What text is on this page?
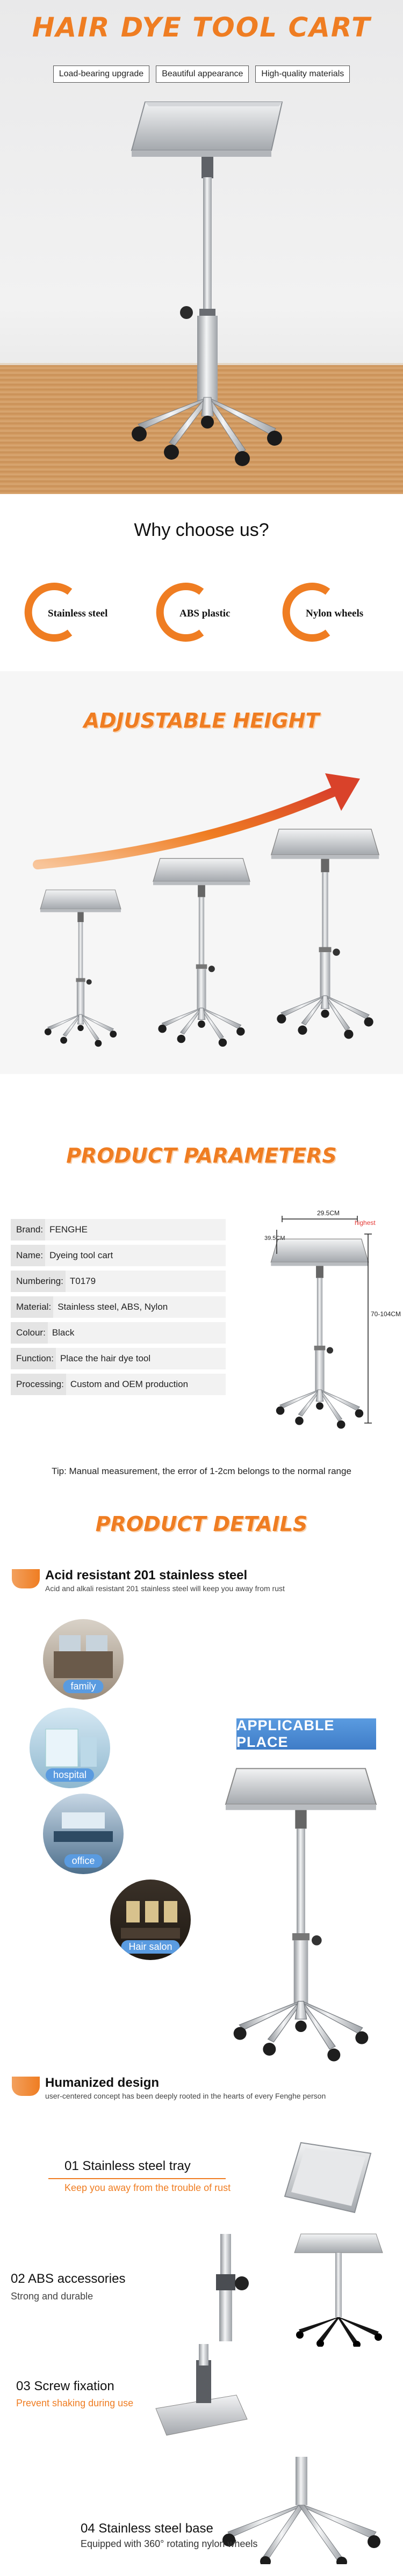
HAIR DYE TOOL CART
Load-bearing upgrade	Beautiful appearance	High-quality materials
Why choose us?
Stainless steel	ABS plastic	Nylon wheels
ADJUSTABLE HEIGHT
PRODUCT PARAMETERS
Brand: FENGHE
Name: Dyeing tool cart
Numbering: T0179
Material: Stainless steel, ABS, Nylon
Colour: Black
Function: Place the hair dye tool
Processing: Custom and OEM production
29.5CM
39.5CM
highest
70-104CM
Tip: Manual measurement, the error of 1-2cm belongs to the normal range
PRODUCT DETAILS
Acid resistant 201 stainless steel

Acid and alkali resistant 201 stainless steel will keep you away from rust

family
hospital
office
Hair salon
APPLICABLE PLACE
Humanized design

user-centered concept has been deeply rooted in the hearts of every Fenghe person

01 Stainless steel tray
Keep you away from the trouble of rust
02 ABS accessories
Strong and durable
03 Screw fixation
Prevent shaking during use
04 Stainless steel base
Equipped with 360° rotating nylon wheels
